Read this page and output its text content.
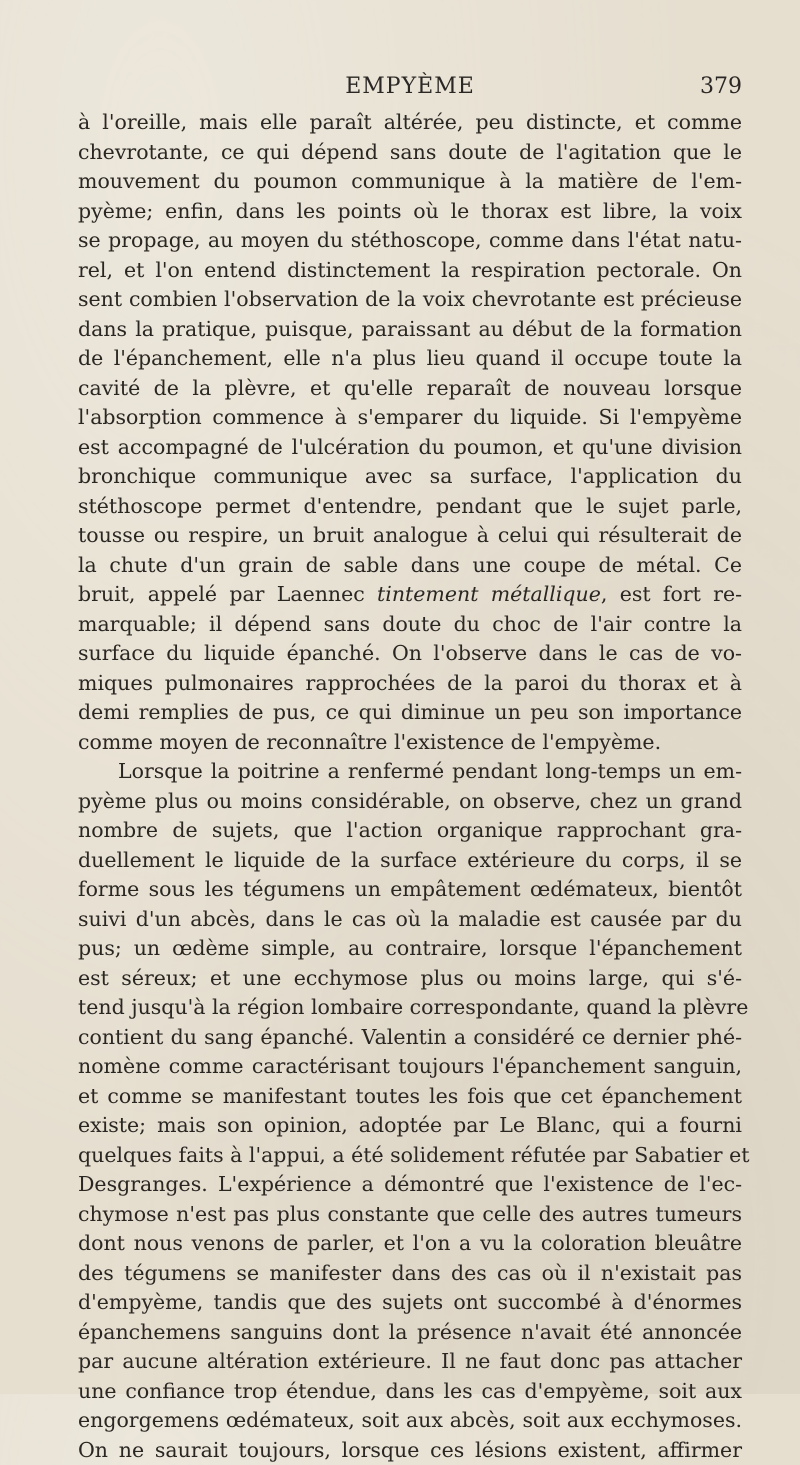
EMPYÈME	379
à l'oreille, mais elle paraît altérée, peu distincte, et comme
chevrotante, ce qui dépend sans doute de l'agitation que le
mouvement du poumon communique à la matière de l'em-
pyème; enfin, dans les points où le thorax est libre, la voix
se propage, au moyen du stéthoscope, comme dans l'état natu-
rel, et l'on entend distinctement la respiration pectorale. On
sent combien l'observation de la voix chevrotante est précieuse
dans la pratique, puisque, paraissant au début de la formation
de l'épanchement, elle n'a plus lieu quand il occupe toute la
cavité de la plèvre, et qu'elle reparaît de nouveau lorsque
l'absorption commence à s'emparer du liquide. Si l'empyème
est accompagné de l'ulcération du poumon, et qu'une division
bronchique communique avec sa surface, l'application du
stéthoscope permet d'entendre, pendant que le sujet parle,
tousse ou respire, un bruit analogue à celui qui résulterait de
la chute d'un grain de sable dans une coupe de métal. Ce
bruit, appelé par Laennec tintement métallique, est fort re-
marquable; il dépend sans doute du choc de l'air contre la
surface du liquide épanché. On l'observe dans le cas de vo-
miques pulmonaires rapprochées de la paroi du thorax et à
demi remplies de pus, ce qui diminue un peu son importance
comme moyen de reconnaître l'existence de l'empyème.
Lorsque la poitrine a renfermé pendant long-temps un em-
pyème plus ou moins considérable, on observe, chez un grand
nombre de sujets, que l'action organique rapprochant gra-
duellement le liquide de la surface extérieure du corps, il se
forme sous les tégumens un empâtement œdémateux, bientôt
suivi d'un abcès, dans le cas où la maladie est causée par du
pus; un œdème simple, au contraire, lorsque l'épanchement
est séreux; et une ecchymose plus ou moins large, qui s'é-
tend jusqu'à la région lombaire correspondante, quand la plèvre
contient du sang épanché. Valentin a considéré ce dernier phé-
nomène comme caractérisant toujours l'épanchement sanguin,
et comme se manifestant toutes les fois que cet épanchement
existe; mais son opinion, adoptée par Le Blanc, qui a fourni
quelques faits à l'appui, a été solidement réfutée par Sabatier et
Desgranges. L'expérience a démontré que l'existence de l'ec-
chymose n'est pas plus constante que celle des autres tumeurs
dont nous venons de parler, et l'on a vu la coloration bleuâtre
des tégumens se manifester dans des cas où il n'existait pas
d'empyème, tandis que des sujets ont succombé à d'énormes
épanchemens sanguins dont la présence n'avait été annoncée
par aucune altération extérieure. Il ne faut donc pas attacher
une confiance trop étendue, dans les cas d'empyème, soit aux
engorgemens œdémateux, soit aux abcès, soit aux ecchymoses.
On ne saurait toujours, lorsque ces lésions existent, affirmer
